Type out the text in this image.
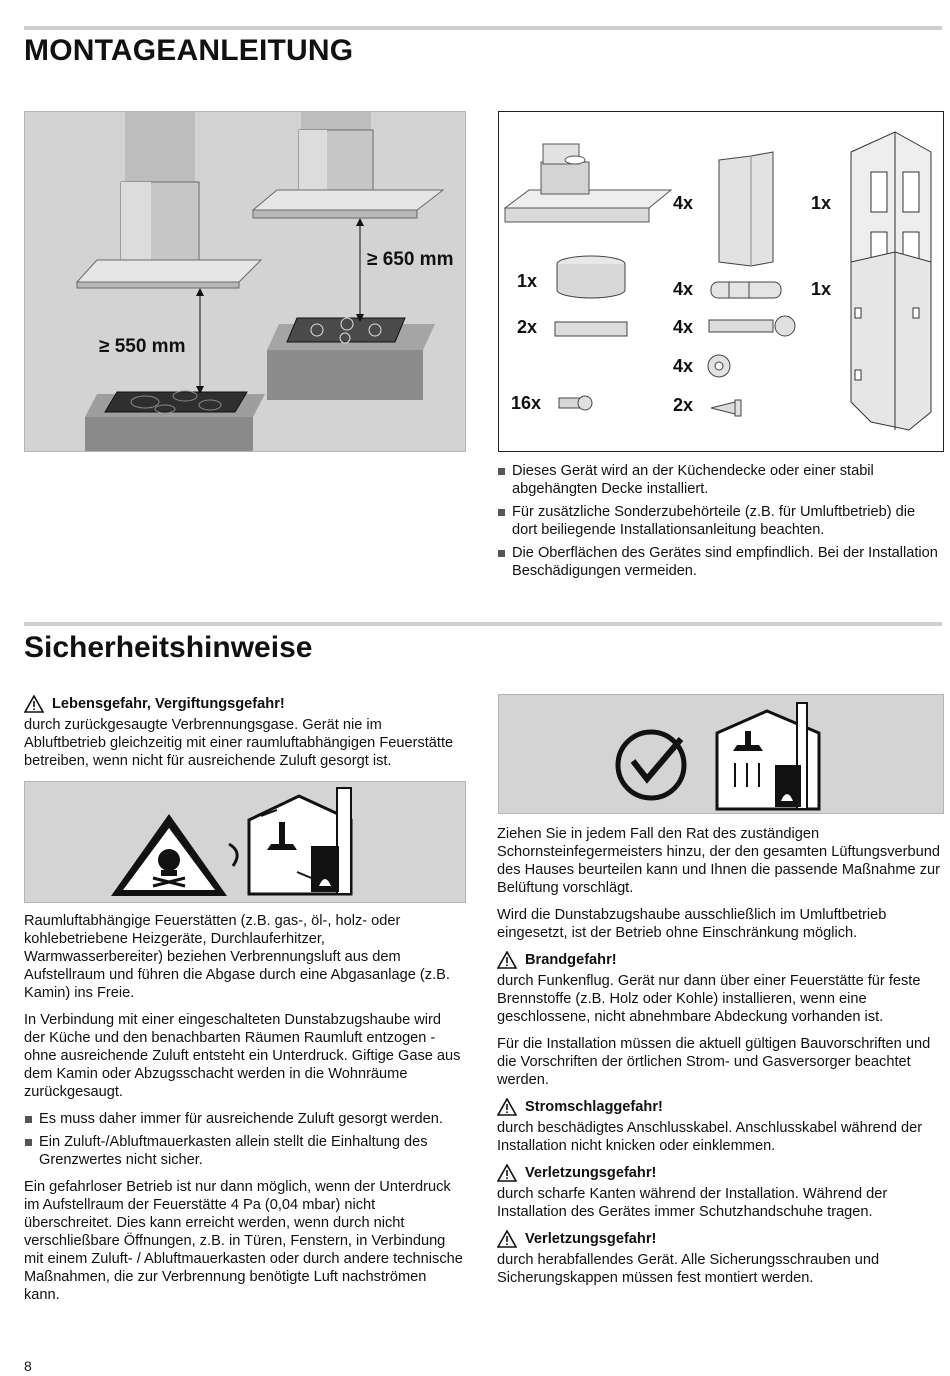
MONTAGEANLEITUNG
≥ 550 mm
≥ 650 mm
4x	1x
1x	4x	1x
2x	4x
4x
16x	2x

Dieses Gerät wird an der Küchendecke oder einer stabil abgehängten Decke installiert.

Für zusätzliche Sonderzubehörteile (z.B. für Umluftbetrieb) die dort beiliegende Installationsanleitung beachten.

Die Oberflächen des Gerätes sind empfindlich. Bei der Installation Beschädigungen vermeiden.

Sicherheitshinweise
Lebensgefahr, Vergiftungsgefahr!

durch zurückgesaugte Verbrennungsgase. Gerät nie im Abluftbetrieb gleichzeitig mit einer raumluftabhängigen Feuerstätte betreiben, wenn nicht für ausreichende Zuluft gesorgt ist.

Raumluftabhängige Feuerstätten (z.B. gas-, öl-, holz- oder kohlebetriebene Heizgeräte, Durchlauferhitzer, Warmwasserbereiter) beziehen Verbrennungsluft aus dem Aufstellraum und führen die Abgase durch eine Abgasanlage (z.B. Kamin) ins Freie.

In Verbindung mit einer eingeschalteten Dunstabzugshaube wird der Küche und den benachbarten Räumen Raumluft entzogen - ohne ausreichende Zuluft entsteht ein Unterdruck. Giftige Gase aus dem Kamin oder Abzugsschacht werden in die Wohnräume zurückgesaugt.

Es muss daher immer für ausreichende Zuluft gesorgt werden.

Ein Zuluft-/Abluftmauerkasten allein stellt die Einhaltung des Grenzwertes nicht sicher.

Ein gefahrloser Betrieb ist nur dann möglich, wenn der Unterdruck im Aufstellraum der Feuerstätte 4 Pa (0,04 mbar) nicht überschreitet. Dies kann erreicht werden, wenn durch nicht verschließbare Öffnungen, z.B. in Türen, Fenstern, in Verbindung mit einem Zuluft- / Abluftmauerkasten oder durch andere technische Maßnahmen, die zur Verbrennung benötigte Luft nachströmen kann.

Ziehen Sie in jedem Fall den Rat des zuständigen Schornsteinfegermeisters hinzu, der den gesamten Lüftungsverbund des Hauses beurteilen kann und Ihnen die passende Maßnahme zur Belüftung vorschlägt.

Wird die Dunstabzugshaube ausschließlich im Umluftbetrieb eingesetzt, ist der Betrieb ohne Einschränkung möglich.

Brandgefahr!

durch Funkenflug. Gerät nur dann über einer Feuerstätte für feste Brennstoffe (z.B. Holz oder Kohle) installieren, wenn eine geschlossene, nicht abnehmbare Abdeckung vorhanden ist.

Für die Installation müssen die aktuell gültigen Bauvorschriften und die Vorschriften der örtlichen Strom- und Gasversorger beachtet werden.

Stromschlaggefahr!

durch beschädigtes Anschlusskabel. Anschlusskabel während der Installation nicht knicken oder einklemmen.

Verletzungsgefahr!

durch scharfe Kanten während der Installation. Während der Installation des Gerätes immer Schutzhandschuhe tragen.

Verletzungsgefahr!

durch herabfallendes Gerät. Alle Sicherungsschrauben und Sicherungskappen müssen fest montiert werden.

8
